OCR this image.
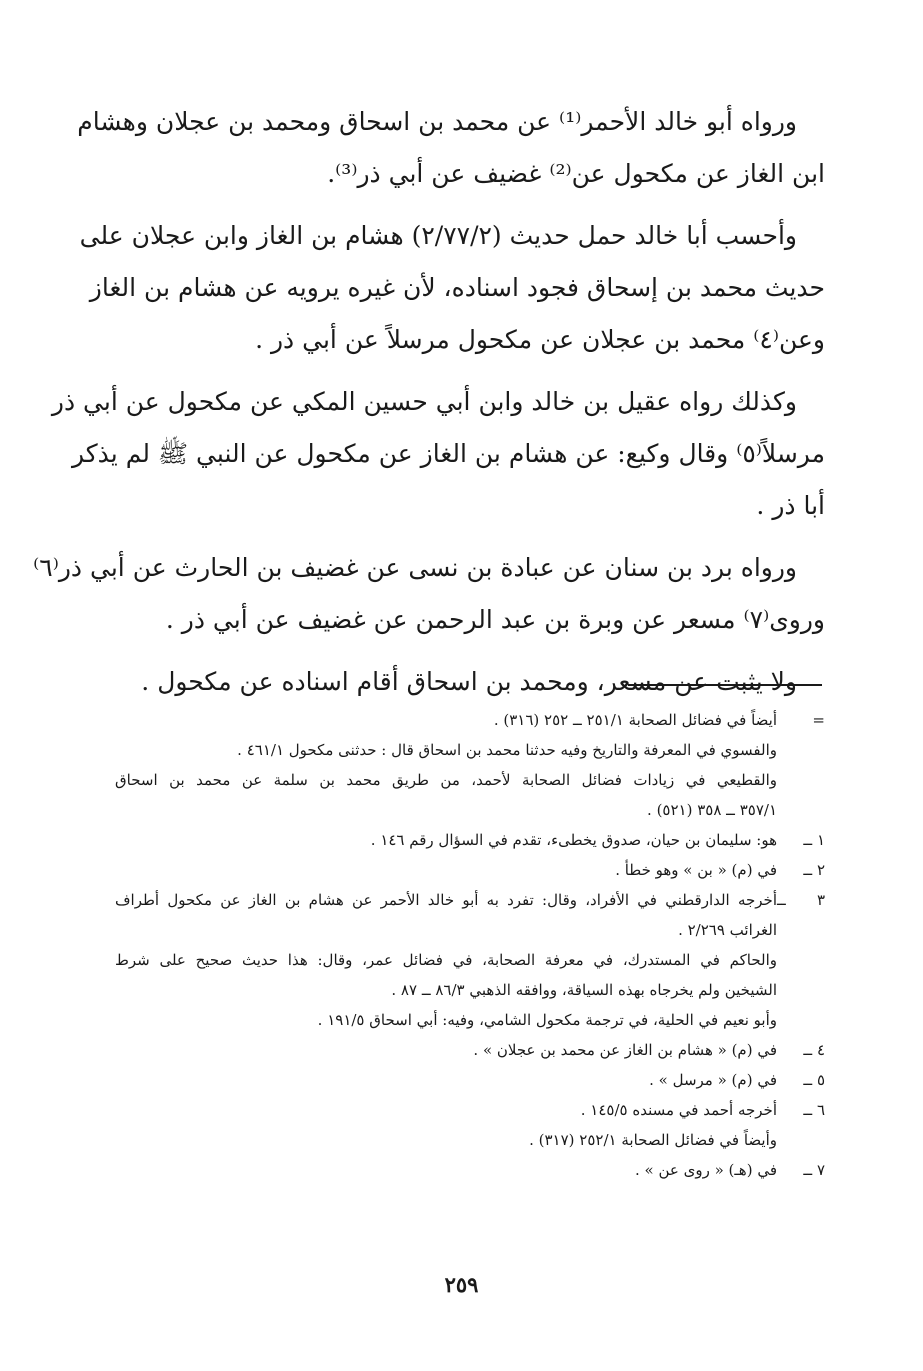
ورواه أبو خالد الأحمر⁽¹⁾ عن محمد بن اسحاق ومحمد بن عجلان وهشام
ابن الغاز عن مكحول عن⁽²⁾ غضيف عن أبي ذر⁽³⁾.
وأحسب أبا خالد حمل حديث (٢/٧٧/٢) هشام بن الغاز وابن عجلان على
حديث محمد بن إسحاق فجود اسناده، لأن غيره يرويه عن هشام بن الغاز
وعن⁽٤⁾ محمد بن عجلان عن مكحول مرسلاً عن أبي ذر .
وكذلك رواه عقيل بن خالد وابن أبي حسين المكي عن مكحول عن أبي ذر
مرسلاً⁽٥⁾ وقال وكيع: عن هشام بن الغاز عن مكحول عن النبي ﷺ لم يذكر
أبا ذر .
ورواه برد بن سنان عن عبادة بن نسى عن غضيف بن الحارث عن أبي ذر⁽٦⁾
وروى⁽٧⁾ مسعر عن وبرة بن عبد الرحمن عن غضيف عن أبي ذر .
ولا يثبت عن مسعر، ومحمد بن اسحاق أقام اسناده عن مكحول .
=
أيضاً في فضائل الصحابة ٢٥١/١ ــ ٢٥٢ (٣١٦) .
والفسوي في المعرفة والتاريخ وفيه حدثنا محمد بن اسحاق قال : حدثنى مكحول ٤٦١/١ .
والقطيعي في زيادات فضائل الصحابة لأحمد، من طريق محمد بن سلمة عن محمد بن اسحاق
٣٥٧/١ ــ ٣٥٨ (٥٢١) .
١ ــ
هو: سليمان بن حيان، صدوق يخطىء، تقدم في السؤال رقم ١٤٦ .
٢ ــ
في (م) « بن » وهو خطأ .
٣ ــ
أخرجه الدارقطني في الأفراد، وقال: تفرد به أبو خالد الأحمر عن هشام بن الغاز عن مكحول أطراف
الغرائب ٢/٢٦٩ .
والحاكم في المستدرك، في معرفة الصحابة، في فضائل عمر، وقال: هذا حديث صحيح على شرط
الشيخين ولم يخرجاه بهذه السياقة، ووافقه الذهبي ٨٦/٣ ــ ٨٧ .
وأبو نعيم في الحلية، في ترجمة مكحول الشامي، وفيه: أبي اسحاق ١٩١/٥ .
٤ ــ
في (م) « هشام بن الغاز عن محمد بن عجلان » .
٥ ــ
في (م) « مرسل » .
٦ ــ
أخرجه أحمد في مسنده ١٤٥/٥ .
وأيضاً في فضائل الصحابة ٢٥٢/١ (٣١٧) .
٧ ــ
في (هـ) « روى عن » .
٢٥٩
